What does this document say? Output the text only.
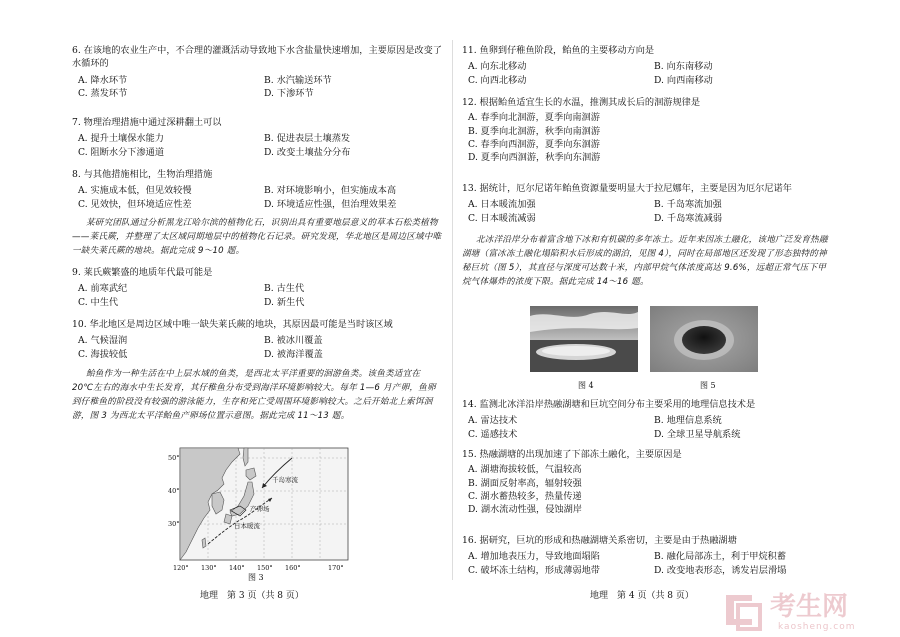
6. 在该地的农业生产中，不合理的灌溉活动导致地下水含盐量快速增加，主要原因是改变了
水循环的
A. 降水环节	B. 水汽输送环节
C. 蒸发环节	D. 下渗环节
7. 物理治理措施中通过深耕翻土可以
A. 提升土壤保水能力	B. 促进表层土壤蒸发
C. 阻断水分下渗通道	D. 改变土壤盐分分布
8. 与其他措施相比，生物治理措施
A. 实施成本低，但见效较慢	B. 对环境影响小，但实施成本高
C. 见效快，但环境适应性差	D. 环境适应性强，但治理效果差
某研究团队通过分析黑龙江哈尔滨的植物化石，识别出具有重要地层意义的草本石松类植物——莱氏蕨，并整理了太区域同期地层中的植物化石记录。研究发现，华北地区是周边区域中唯一缺失莱氏蕨的地块。据此完成 9～10 题。
9. 莱氏蕨繁盛的地质年代最可能是
A. 前寒武纪	B. 古生代
C. 中生代	D. 新生代
10. 华北地区是周边区域中唯一缺失莱氏蕨的地块，其原因最可能是当时该区域
A. 气候湿润	B. 被冰川覆盖
C. 海拔较低	D. 被海洋覆盖
鲐鱼作为一种生活在中上层水域的鱼类，是西北太平洋重要的洄游鱼类。该鱼类适宜在 20℃左右的海水中生长发育，其仔稚鱼分布受到海洋环境影响较大。每年 1—6 月产卵，鱼卵到仔稚鱼的阶段没有较强的游泳能力，生存和死亡受周围环境影响较大。之后开始北上索饵洄游，图 3 为西北太平洋鲐鱼产卵场位置示意图。据此完成 11～13 题。
千岛寒流
日本暖流
产卵场
50°
40°
30°
120° 130° 140° 150° 160°	170°
图 3
地理　第 3 页（共 8 页）
11. 鱼卵到仔稚鱼阶段，鲐鱼的主要移动方向是
A. 向东北移动	B. 向东南移动
C. 向西北移动	D. 向西南移动
12. 根据鲐鱼适宜生长的水温，推测其成长后的洄游规律是
A. 春季向北洄游，夏季向南洄游
B. 夏季向北洄游，秋季向南洄游
C. 春季向西洄游，夏季向东洄游
D. 夏季向西洄游，秋季向东洄游
13. 据统计，厄尔尼诺年鲐鱼资源量要明显大于拉尼娜年，主要是因为厄尔尼诺年
A. 日本暖流加强	B. 千岛寒流加强
C. 日本暖流减弱	D. 千岛寒流减弱
北冰洋沿岸分布着富含地下冰和有机碳的多年冻土。近年来因冻土融化，该地广泛发育热融湖塘（富冰冻土融化塌陷积水后形成的湖泊，见图 4），同时在局部地区还发现了形态独特的神秘巨坑（图 5），其直径与深度可达数十米，内部甲烷气体浓度高达 9.6%，远超正常气压下甲烷气体爆炸的浓度下限。据此完成 14～16 题。
图 4	图 5
14. 监测北冰洋沿岸热融湖塘和巨坑空间分布主要采用的地理信息技术是
A. 雷达技术	B. 地理信息系统
C. 遥感技术	D. 全球卫星导航系统
15. 热融湖塘的出现加速了下部冻土融化，主要原因是
A. 湖塘海拔较低，气温较高
B. 湖面反射率高，辐射较强
C. 湖水蓄热较多，热量传递
D. 湖水流动性强，侵蚀湖岸
16. 据研究，巨坑的形成和热融湖塘关系密切，主要是由于热融湖塘
A. 增加地表压力，导致地面塌陷	B. 融化局部冻土，利于甲烷积蓄
C. 破坏冻土结构，形成薄弱地带	D. 改变地表形态，诱发岩层滑塌
地理　第 4 页（共 8 页）	考生网
kaosheng.com
